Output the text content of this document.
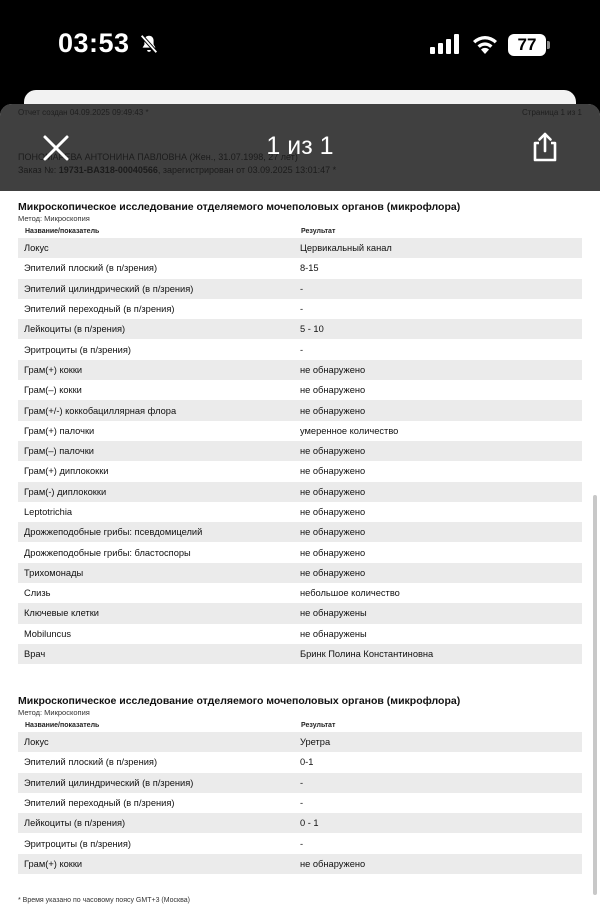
03:53	77
Микроскопическое исследование отделяемого мочеполовых органов (микрофлора)
Метод: Микроскопия
Название/показатель	Результат
Локус	Цервикальный канал
Эпителий плоский (в п/зрения)	8-15
Эпителий цилиндрический (в п/зрения)	-
Эпителий переходный (в п/зрения)	-
Лейкоциты (в п/зрения)	5 - 10
Эритроциты (в п/зрения)	-
Грам(+) кокки	не обнаружено
Грам(–) кокки	не обнаружено
Грам(+/-) коккобациллярная флора	не обнаружено
Грам(+) палочки	умеренное количество
Грам(–) палочки	не обнаружено
Грам(+) диплококки	не обнаружено
Грам(-) диплококки	не обнаружено
Leptotrichia	не обнаружено
Дрожжеподобные грибы: псевдомицелий	не обнаружено
Дрожжеподобные грибы: бластоспоры	не обнаружено
Трихомонады	не обнаружено
Слизь	небольшое количество
Ключевые клетки	не обнаружены
Mobiluncus	не обнаружены
Врач	Бринк Полина Константиновна
Микроскопическое исследование отделяемого мочеполовых органов (микрофлора)
Метод: Микроскопия
Название/показатель	Результат
Локус	Уретра
Эпителий плоский (в п/зрения)	0-1
Эпителий цилиндрический (в п/зрения)	-
Эпителий переходный (в п/зрения)	-
Лейкоциты (в п/зрения)	0 - 1
Эритроциты (в п/зрения)	-
Грам(+) кокки	не обнаружено
* Время указано по часовому поясу GMT+3 (Москва)
1 из 1
